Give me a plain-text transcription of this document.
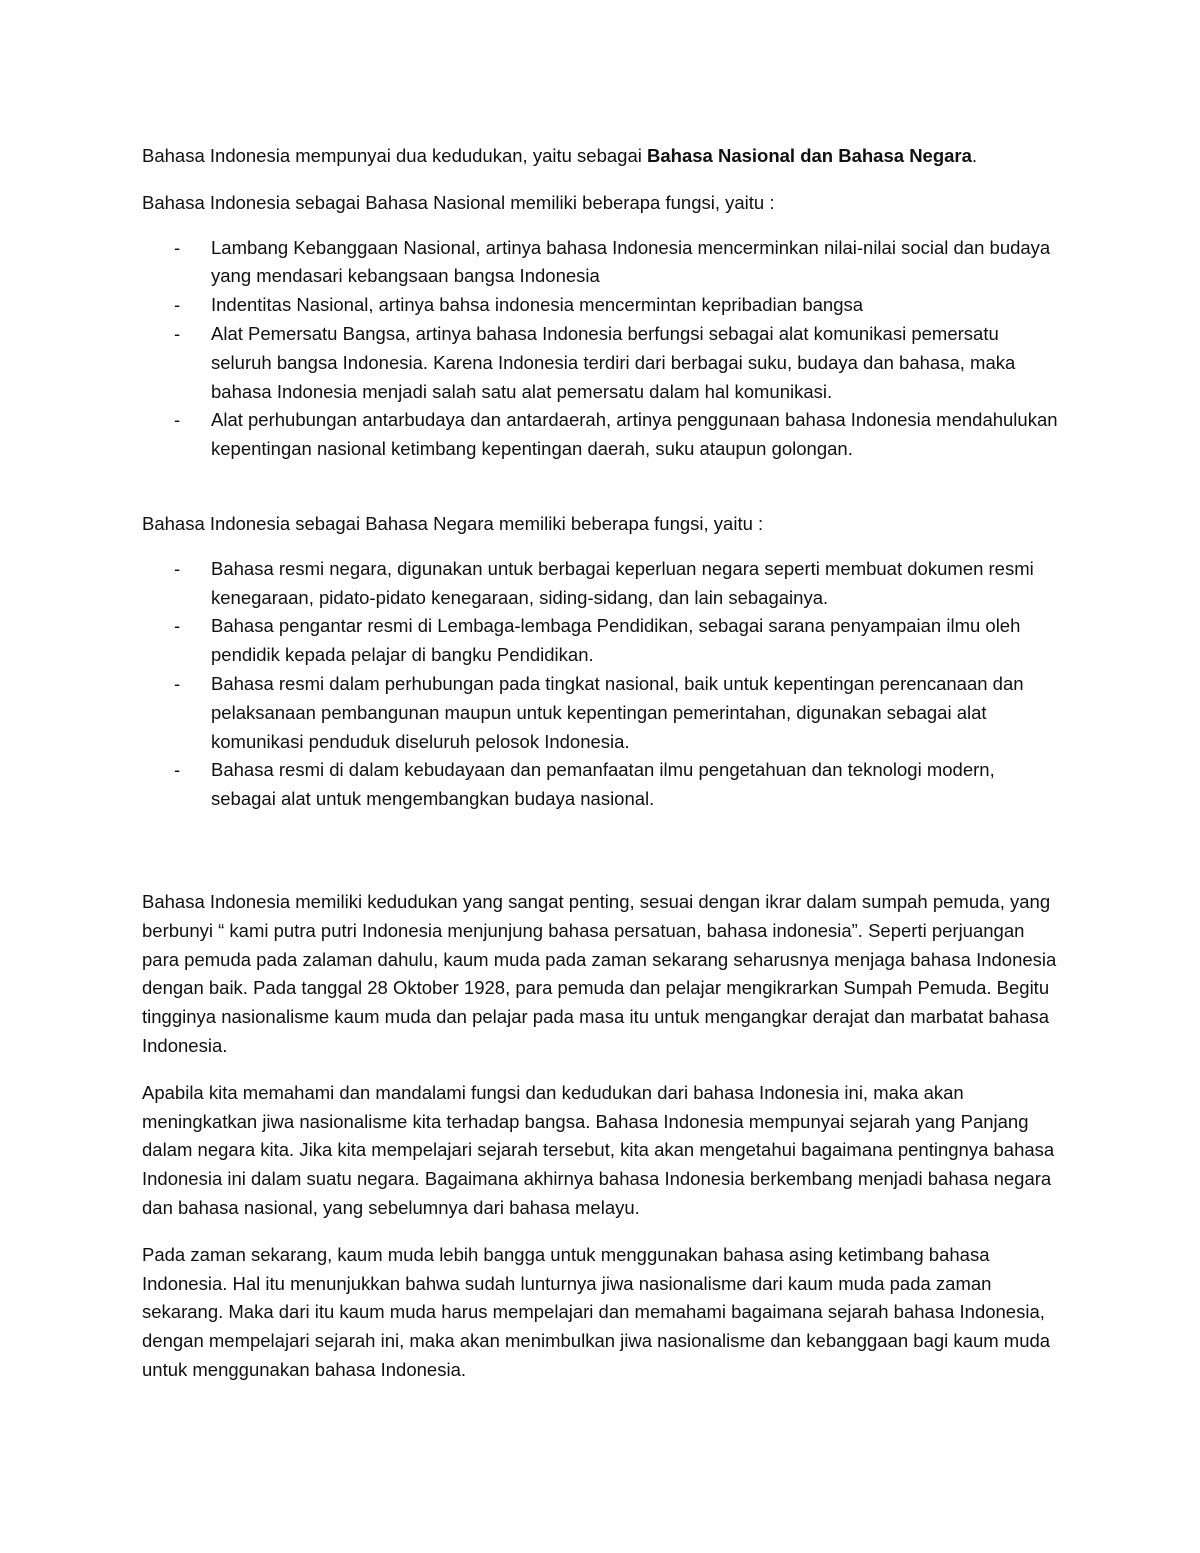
Bahasa Indonesia mempunyai dua kedudukan, yaitu sebagai Bahasa Nasional dan Bahasa Negara.

Bahasa Indonesia sebagai Bahasa Nasional memiliki beberapa fungsi, yaitu :

- Lambang Kebanggaan Nasional, artinya bahasa Indonesia mencerminkan nilai-nilai social dan budaya yang mendasari kebangsaan bangsa Indonesia
- Indentitas Nasional, artinya bahsa indonesia mencermintan kepribadian bangsa
- Alat Pemersatu Bangsa, artinya bahasa Indonesia berfungsi sebagai alat komunikasi pemersatu seluruh bangsa Indonesia. Karena Indonesia terdiri dari berbagai suku, budaya dan bahasa, maka bahasa Indonesia menjadi salah satu alat pemersatu dalam hal komunikasi.
- Alat perhubungan antarbudaya dan antardaerah, artinya penggunaan bahasa Indonesia mendahulukan kepentingan nasional ketimbang kepentingan daerah, suku ataupun golongan.

Bahasa Indonesia sebagai Bahasa Negara memiliki beberapa fungsi, yaitu :

- Bahasa resmi negara, digunakan untuk berbagai keperluan negara seperti membuat dokumen resmi kenegaraan, pidato-pidato kenegaraan, siding-sidang, dan lain sebagainya.
- Bahasa pengantar resmi di Lembaga-lembaga Pendidikan, sebagai sarana penyampaian ilmu oleh pendidik kepada pelajar di bangku Pendidikan.
- Bahasa resmi dalam perhubungan pada tingkat nasional, baik untuk kepentingan perencanaan dan pelaksanaan pembangunan maupun untuk kepentingan pemerintahan, digunakan sebagai alat komunikasi penduduk diseluruh pelosok Indonesia.
- Bahasa resmi di dalam kebudayaan dan pemanfaatan ilmu pengetahuan dan teknologi modern, sebagai alat untuk mengembangkan budaya nasional.

Bahasa Indonesia memiliki kedudukan yang sangat penting, sesuai dengan ikrar dalam sumpah pemuda, yang berbunyi “ kami putra putri Indonesia menjunjung bahasa persatuan, bahasa indonesia”. Seperti perjuangan para pemuda pada zalaman dahulu, kaum muda pada zaman sekarang seharusnya menjaga bahasa Indonesia dengan baik. Pada tanggal 28 Oktober 1928, para pemuda dan pelajar mengikrarkan Sumpah Pemuda. Begitu tingginya nasionalisme kaum muda dan pelajar pada masa itu untuk mengangkar derajat dan marbatat bahasa Indonesia.

Apabila kita memahami dan mandalami fungsi dan kedudukan dari bahasa Indonesia ini, maka akan meningkatkan jiwa nasionalisme kita terhadap bangsa. Bahasa Indonesia mempunyai sejarah yang Panjang dalam negara kita. Jika kita mempelajari sejarah tersebut, kita akan mengetahui bagaimana pentingnya bahasa Indonesia ini dalam suatu negara. Bagaimana akhirnya bahasa Indonesia berkembang menjadi bahasa negara dan bahasa nasional, yang sebelumnya dari bahasa melayu.

Pada zaman sekarang, kaum muda lebih bangga untuk menggunakan bahasa asing ketimbang bahasa Indonesia. Hal itu menunjukkan bahwa sudah lunturnya jiwa nasionalisme dari kaum muda pada zaman sekarang. Maka dari itu kaum muda harus mempelajari dan memahami bagaimana sejarah bahasa Indonesia, dengan mempelajari sejarah ini, maka akan menimbulkan jiwa nasionalisme dan kebanggaan bagi kaum muda untuk menggunakan bahasa Indonesia.
